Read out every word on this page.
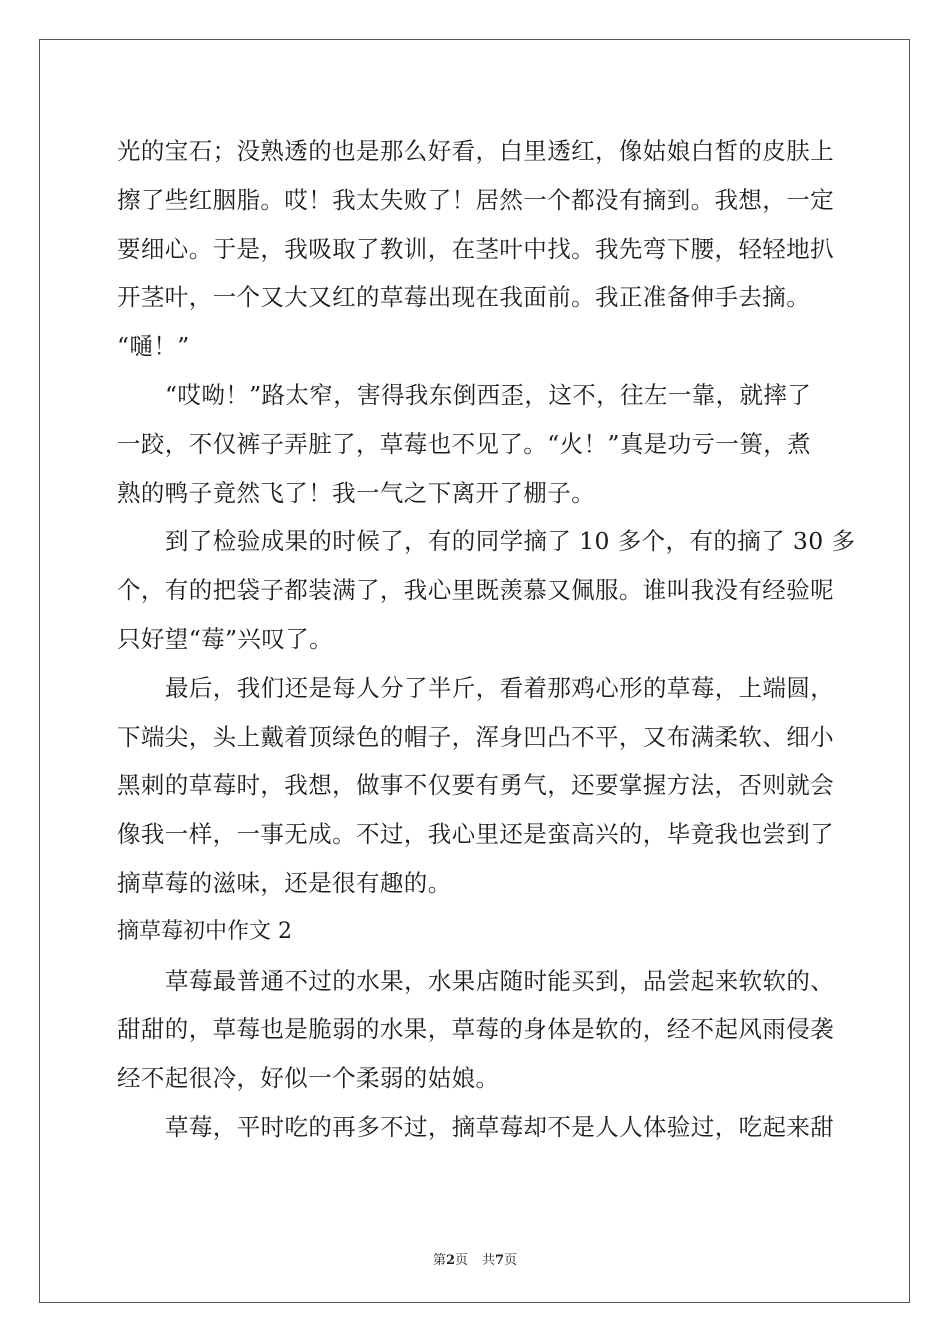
光的宝石；没熟透的也是那么好看，白里透红，像姑娘白皙的皮肤上
擦了些红胭脂。哎！我太失败了！居然一个都没有摘到。我想，一定
要细心。于是，我吸取了教训，在茎叶中找。我先弯下腰，轻轻地扒
开茎叶，一个又大又红的草莓出现在我面前。我正准备伸手去摘。
“嗵！”
“哎呦！”路太窄，害得我东倒西歪，这不，往左一靠，就摔了
一跤，不仅裤子弄脏了，草莓也不见了。“火！”真是功亏一篑，煮
熟的鸭子竟然飞了！我一气之下离开了棚子。
到了检验成果的时候了，有的同学摘了 10 多个，有的摘了 30 多
个，有的把袋子都装满了，我心里既羡慕又佩服。谁叫我没有经验呢
只好望“莓”兴叹了。
最后，我们还是每人分了半斤，看着那鸡心形的草莓，上端圆，
下端尖，头上戴着顶绿色的帽子，浑身凹凸不平，又布满柔软、细小
黑刺的草莓时，我想，做事不仅要有勇气，还要掌握方法，否则就会
像我一样，一事无成。不过，我心里还是蛮高兴的，毕竟我也尝到了
摘草莓的滋味，还是很有趣的。
摘草莓初中作文 2
草莓最普通不过的水果，水果店随时能买到，品尝起来软软的、
甜甜的，草莓也是脆弱的水果，草莓的身体是软的，经不起风雨侵袭
经不起很冷，好似一个柔弱的姑娘。
草莓，平时吃的再多不过，摘草莓却不是人人体验过，吃起来甜
第2页 共7页
